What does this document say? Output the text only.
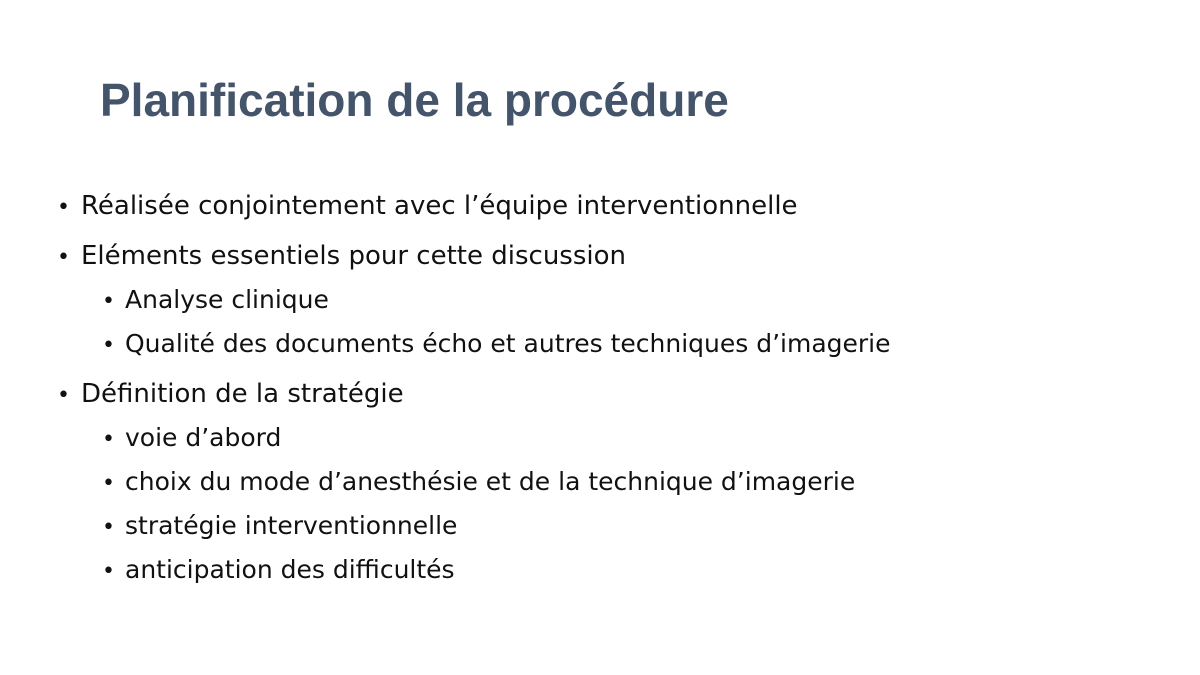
Planification de la procédure
• Réalisée conjointement avec l’équipe interventionnelle
• Eléments essentiels pour cette discussion
• Analyse clinique
• Qualité des documents écho et autres techniques d’imagerie
• Définition de la stratégie
• voie d’abord
• choix du mode d’anesthésie et de la technique d’imagerie
• stratégie interventionnelle
• anticipation des difficultés
